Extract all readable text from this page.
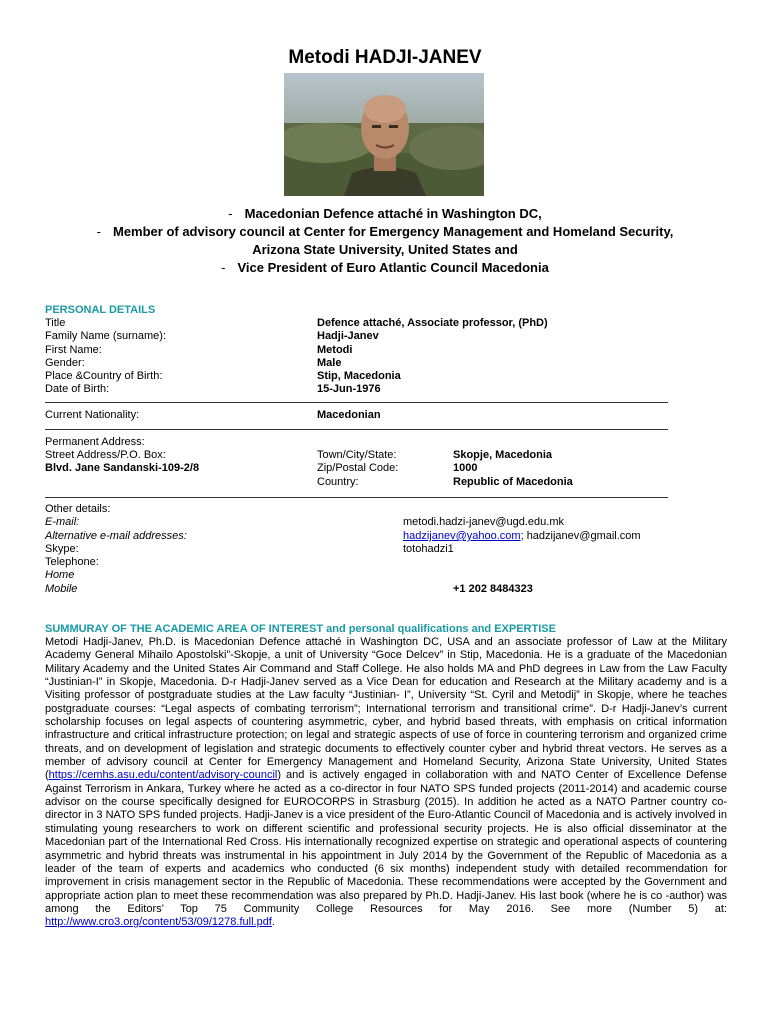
Metodi HADJI-JANEV
- Macedonian Defence attaché in Washington DC,
- Member of advisory council at Center for Emergency Management and Homeland Security,
Arizona State University, United States and
- Vice President of Euro Atlantic Council Macedonia
PERSONAL DETAILS
Title
Family Name (surname):
First Name:
Gender:
Place &Country of Birth:
Date of Birth:
Defence attaché, Associate professor, (PhD)
Hadji-Janev
Metodi
Male
Stip, Macedonia
15-Jun-1976
Current Nationality:	Macedonian
Permanent Address:
Street Address/P.O. Box:
Blvd. Jane Sandanski-109-2/8
Town/City/State:
Zip/Postal Code:
Country:
Skopje, Macedonia
1000
Republic of Macedonia
Other details:
E-mail:
Alternative e-mail addresses:
Skype:
Telephone:
Home
Mobile
metodi.hadzi-janev@ugd.edu.mk
hadzijanev@yahoo.com; hadzijanev@gmail.com
totohadzi1
+1 202 8484323
SUMMURAY OF THE ACADEMIC AREA OF INTEREST and personal qualifications and EXPERTISE
Metodi Hadji-Janev, Ph.D. is Macedonian Defence attaché in Washington DC, USA and an associate professor of Law at the Military Academy General Mihailo Apostolski”-Skopje, a unit of University “Goce Delcev” in Stip, Macedonia. He is a graduate of the Macedonian Military Academy and the United States Air Command and Staff College. He also holds MA and PhD degrees in Law from the Law Faculty “Justinian-I” in Skopje, Macedonia. D-r Hadji-Janev served as a Vice Dean for education and Research at the Military academy and is a Visiting professor of postgraduate studies at the Law faculty “Justinian- I”, University “St. Cyril and Metodij” in Skopje, where he teaches postgraduate courses: “Legal aspects of combating terrorism”; International terrorism and transitional crime”. D-r Hadji-Janev’s current scholarship focuses on legal aspects of countering asymmetric, cyber, and hybrid based threats, with emphasis on critical information infrastructure and critical infrastructure protection; on legal and strategic aspects of use of force in countering terrorism and organized crime threats, and on development of legislation and strategic documents to effectively counter cyber and hybrid threat vectors. He serves as a member of advisory council at Center for Emergency Management and Homeland Security, Arizona State University, United States (https://cemhs.asu.edu/content/advisory-council) and is actively engaged in collaboration with and NATO Center of Excellence Defense Against Terrorism in Ankara, Turkey where he acted as a co-director in four NATO SPS funded projects (2011-2014) and academic course advisor on the course specifically designed for EUROCORPS in Strasburg (2015). In addition he acted as a NATO Partner country co-director in 3 NATO SPS funded projects. Hadji-Janev is a vice president of the Euro-Atlantic Council of Macedonia and is actively involved in stimulating young researchers to work on different scientific and professional security projects. He is also official disseminator at the Macedonian part of the International Red Cross. His internationally recognized expertise on strategic and operational aspects of countering asymmetric and hybrid threats was instrumental in his appointment in July 2014 by the Government of the Republic of Macedonia as a leader of the team of experts and academics who conducted (6 six months) independent study with detailed recommendation for improvement in crisis management sector in the Republic of Macedonia. These recommendations were accepted by the Government and appropriate action plan to meet these recommendation was also prepared by Ph.D. Hadji-Janev. His last book (where he is co -author) was among the Editors’ Top 75 Community College Resources for May 2016. See more (Number 5) at: http://www.cro3.org/content/53/09/1278.full.pdf.
